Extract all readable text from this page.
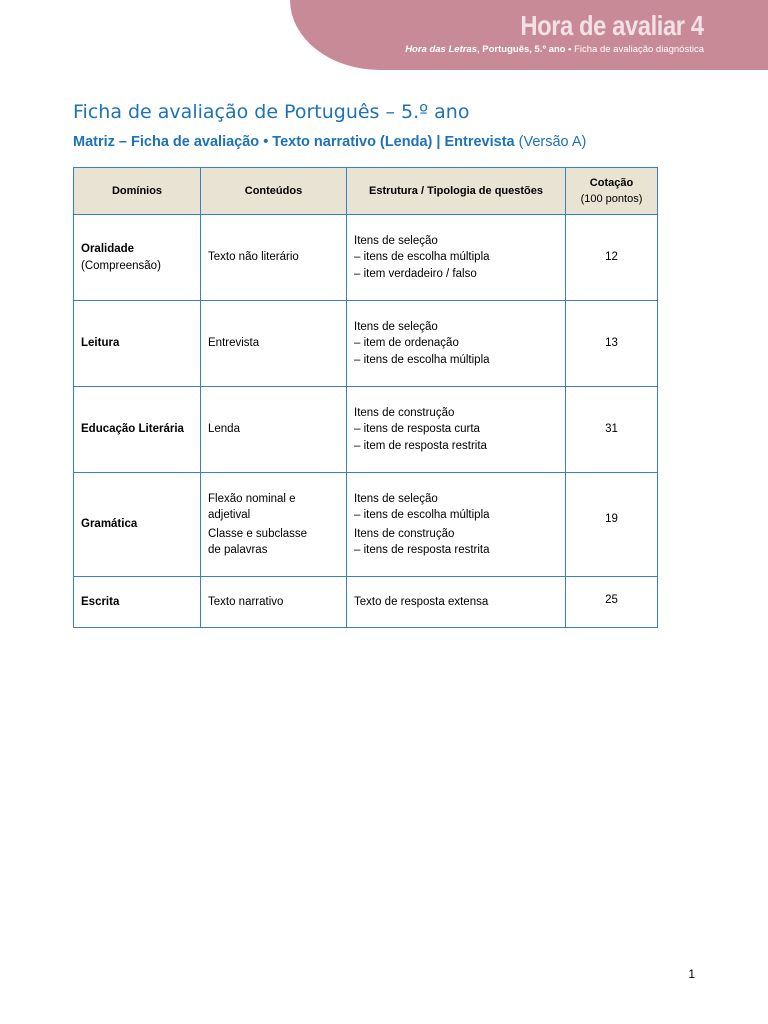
Hora de avaliar 4
Hora das Letras, Português, 5.º ano • Ficha de avaliação diagnóstica
Ficha de avaliação de Português – 5.º ano
Matriz – Ficha de avaliação • Texto narrativo (Lenda) | Entrevista (Versão A)
Domínios	Conteúdos	Estrutura / Tipologia de questões	Cotação
(100 pontos)

Oralidade
(Compreensão)	Texto não literário	Itens de seleção
– itens de escolha múltipla
– item verdadeiro / falso	12

Leitura	Entrevista	Itens de seleção
– item de ordenação
– itens de escolha múltipla	13

Educação Literária	Lenda	Itens de construção
– itens de resposta curta
– item de resposta restrita	31

Gramática	Flexão nominal e
adjetival
Classe e subclasse
de palavras	Itens de seleção
– itens de escolha múltipla
Itens de construção
– itens de resposta restrita	19

Escrita	Texto narrativo	Texto de resposta extensa	25
1
